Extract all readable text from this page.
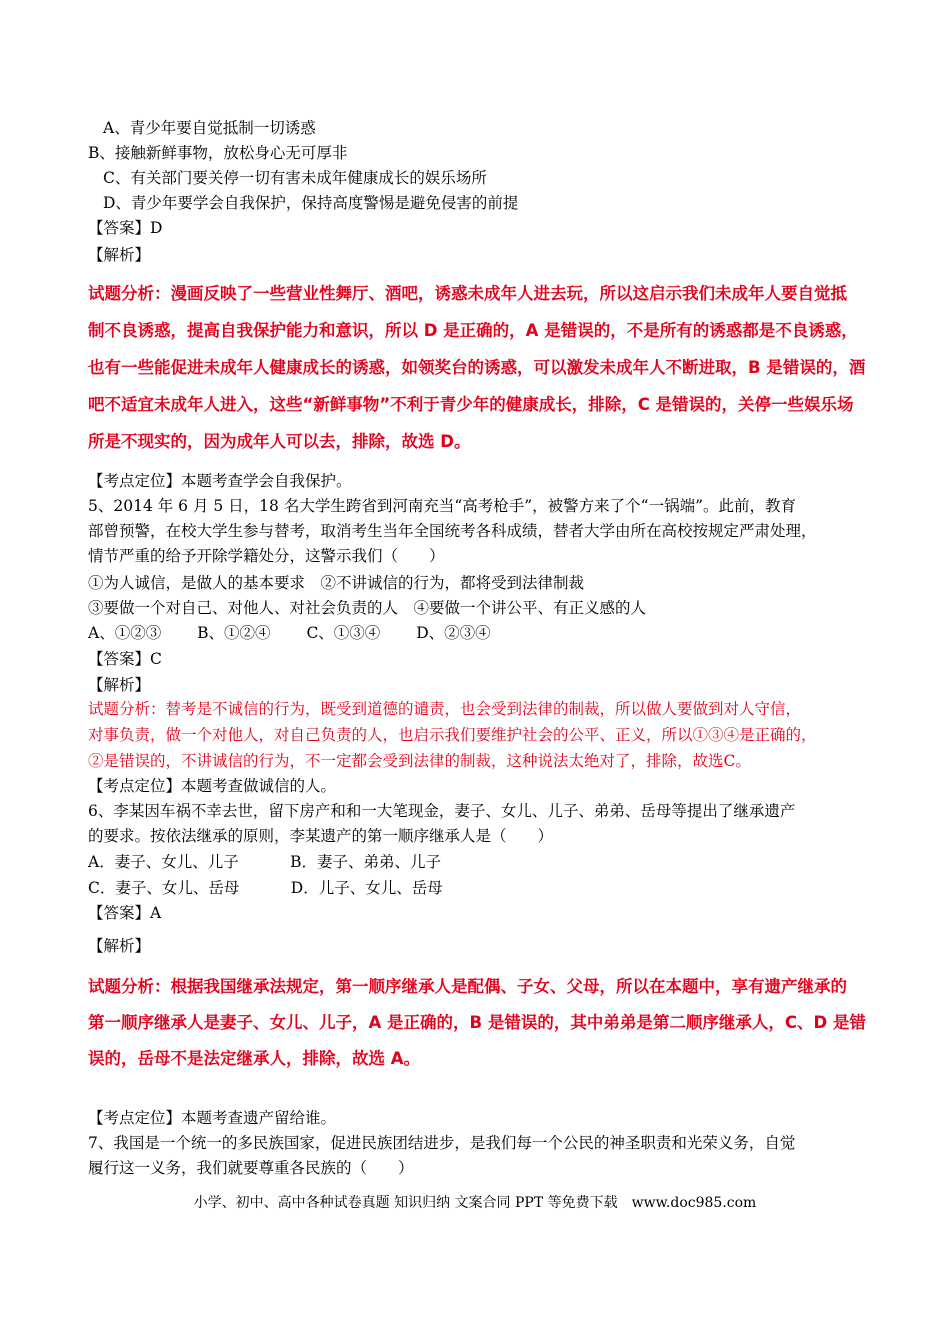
A、青少年要自觉抵制一切诱惑
B、接触新鲜事物，放松身心无可厚非
C、有关部门要关停一切有害未成年健康成长的娱乐场所
D、青少年要学会自我保护，保持高度警惕是避免侵害的前提
【答案】D
【解析】
试题分析：漫画反映了一些营业性舞厅、酒吧，诱惑未成年人进去玩，所以这启示我们未成年人要自觉抵
制不良诱惑，提高自我保护能力和意识，所以 D 是正确的，A 是错误的，不是所有的诱惑都是不良诱惑，
也有一些能促进未成年人健康成长的诱惑，如领奖台的诱惑，可以激发未成年人不断进取，B 是错误的，酒
吧不适宜未成年人进入，这些“新鲜事物”不利于青少年的健康成长，排除，C 是错误的，关停一些娱乐场
所是不现实的，因为成年人可以去，排除，故选 D。
【考点定位】本题考查学会自我保护。
5、2014 年 6 月 5 日，18 名大学生跨省到河南充当“高考枪手”，被警方来了个“一锅端”。此前，教育
部曾预警，在校大学生参与替考，取消考生当年全国统考各科成绩，替者大学由所在高校按规定严肃处理，
情节严重的给予开除学籍处分，这警示我们（　　）
①为人诚信，是做人的基本要求　②不讲诚信的行为，都将受到法律制裁
③要做一个对自己、对他人、对社会负责的人　④要做一个讲公平、有正义感的人
A、①②③　　 B、①②④　　 C、①③④　　 D、②③④
【答案】C
【解析】
试题分析：替考是不诚信的行为，既受到道德的谴责，也会受到法律的制裁，所以做人要做到对人守信，
对事负责，做一个对他人，对自己负责的人，也启示我们要维护社会的公平、正义，所以①③④是正确的，
②是错误的，不讲诚信的行为，不一定都会受到法律的制裁，这种说法太绝对了，排除，故选C。
【考点定位】本题考查做诚信的人。
6、李某因车祸不幸去世，留下房产和和一大笔现金，妻子、女儿、儿子、弟弟、岳母等提出了继承遗产
的要求。按依法继承的原则，李某遗产的第一顺序继承人是（　　）
A．妻子、女儿、儿子　　　 B．妻子、弟弟、儿子
C．妻子、女儿、岳母　　　 D．儿子、女儿、岳母
【答案】A
【解析】
试题分析：根据我国继承法规定，第一顺序继承人是配偶、子女、父母，所以在本题中，享有遗产继承的
第一顺序继承人是妻子、女儿、儿子，A 是正确的，B 是错误的，其中弟弟是第二顺序继承人，C、D 是错
误的，岳母不是法定继承人，排除，故选 A。
【考点定位】本题考查遗产留给谁。
7、我国是一个统一的多民族国家，促进民族团结进步，是我们每一个公民的神圣职责和光荣义务，自觉
履行这一义务，我们就要尊重各民族的（　　）
小学、初中、高中各种试卷真题 知识归纳 文案合同 PPT 等免费下载　www.doc985.com
